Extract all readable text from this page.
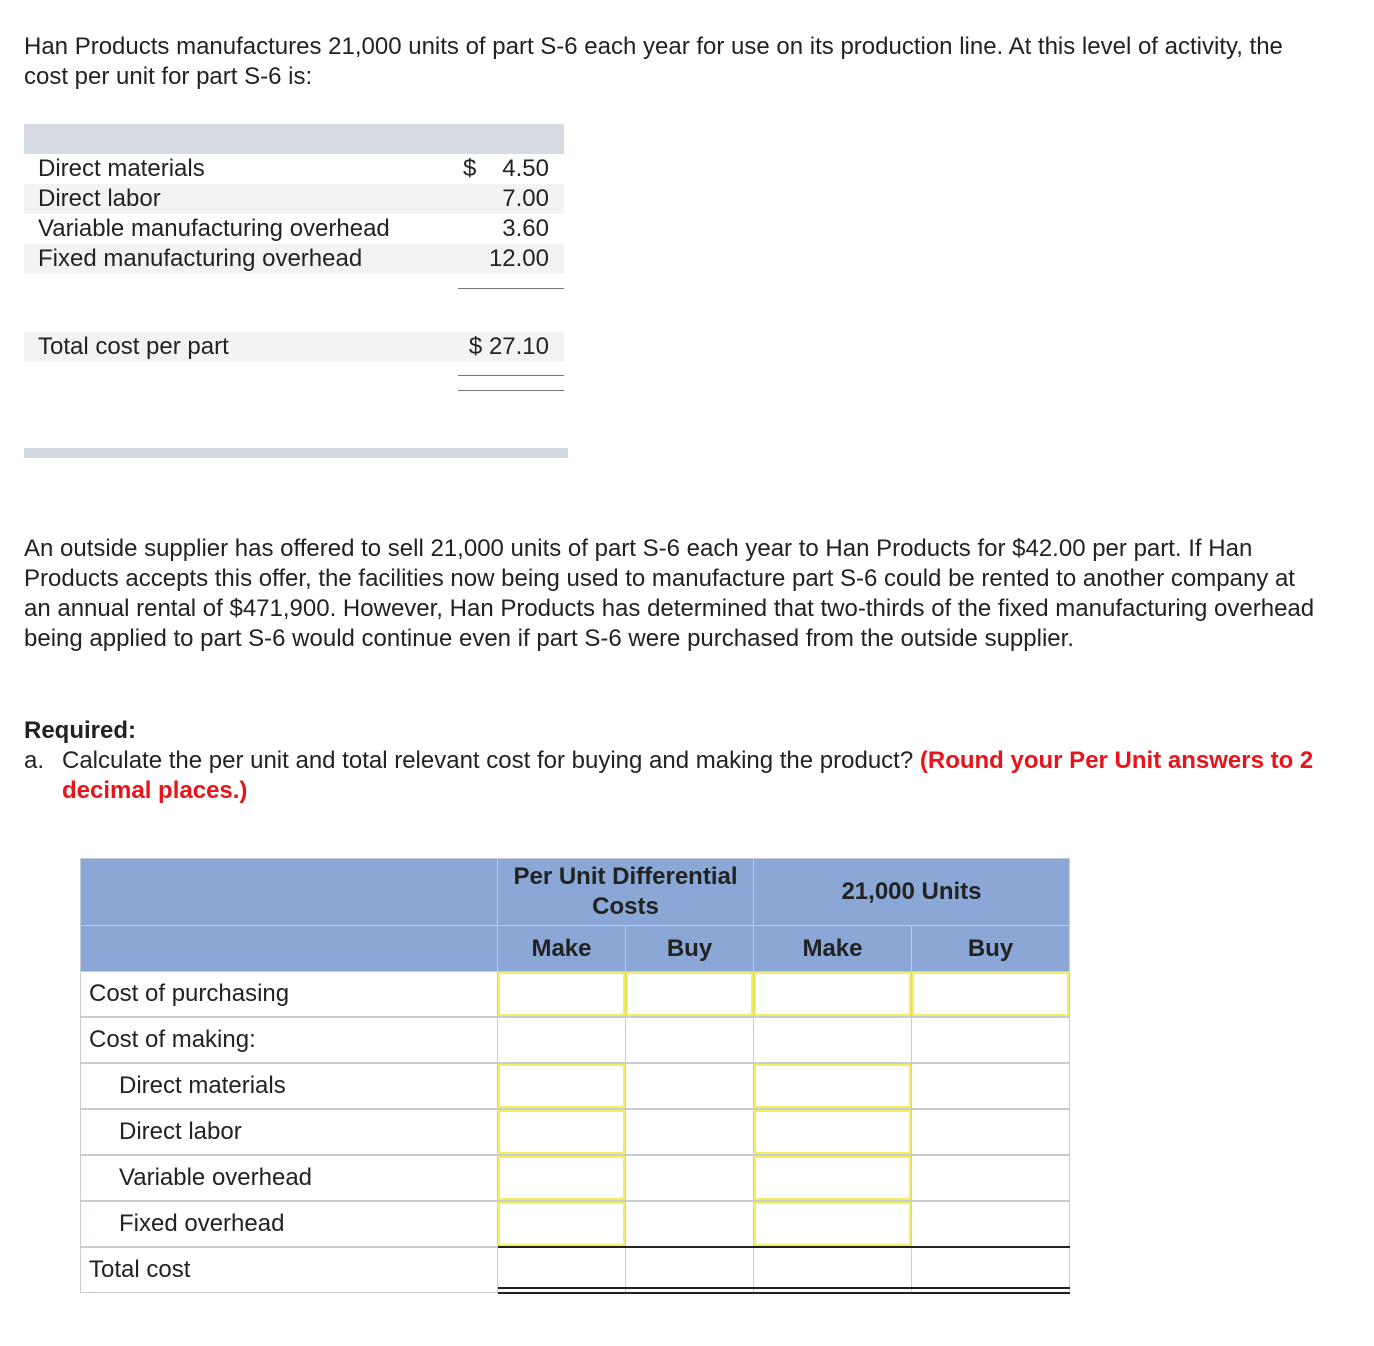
Han Products manufactures 21,000 units of part S-6 each year for use on its production line. At this level of activity, the cost per unit for part S-6 is:

Direct materials	$ 4.50
Direct labor	7.00
Variable manufacturing overhead	3.60
Fixed manufacturing overhead	12.00
Total cost per part	$ 27.10

An outside supplier has offered to sell 21,000 units of part S-6 each year to Han Products for $42.00 per part. If Han Products accepts this offer, the facilities now being used to manufacture part S-6 could be rented to another company at an annual rental of $471,900. However, Han Products has determined that two-thirds of the fixed manufacturing overhead being applied to part S-6 would continue even if part S-6 were purchased from the outside supplier.

Required:
a. Calculate the per unit and total relevant cost for buying and making the product? (Round your Per Unit answers to 2 decimal places.)
Per Unit Differential Costs
21,000 Units
Make	Buy	Make	Buy
Cost of purchasing
Cost of making:
Direct materials
Direct labor
Variable overhead
Fixed overhead
Total cost
